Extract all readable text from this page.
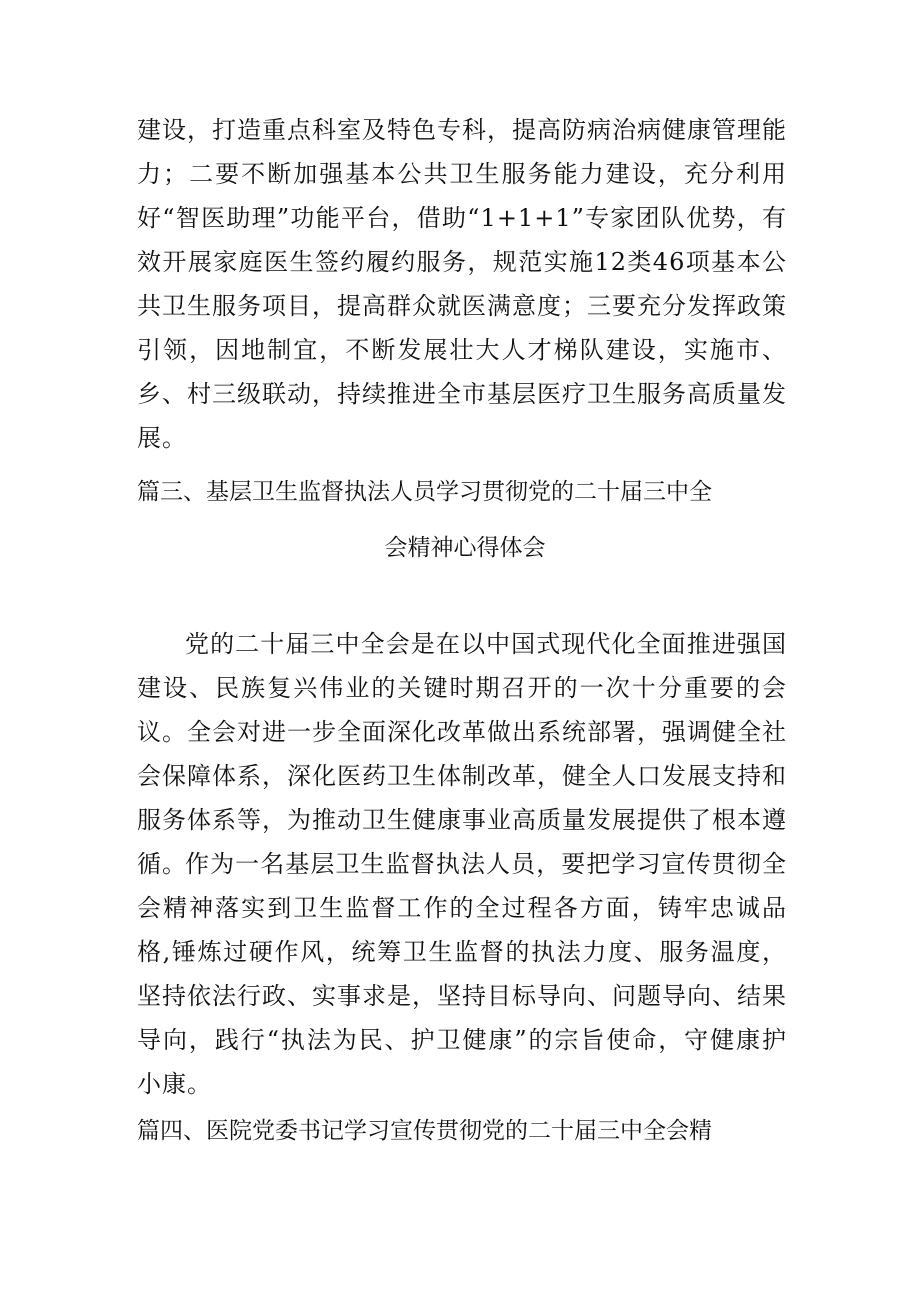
建设，打造重点科室及特色专科，提高防病治病健康管理能力；二要不断加强基本公共卫生服务能力建设，充分利用好“智医助理”功能平台，借助“1+1+1”专家团队优势，有效开展家庭医生签约履约服务，规范实施12类46项基本公共卫生服务项目，提高群众就医满意度；三要充分发挥政策引领，因地制宜，不断发展壮大人才梯队建设，实施市、乡、村三级联动，持续推进全市基层医疗卫生服务高质量发展。

篇三、基层卫生监督执法人员学习贯彻党的二十届三中全
会精神心得体会

党的二十届三中全会是在以中国式现代化全面推进强国建设、民族复兴伟业的关键时期召开的一次十分重要的会议。全会对进一步全面深化改革做出系统部署，强调健全社会保障体系，深化医药卫生体制改革，健全人口发展支持和服务体系等，为推动卫生健康事业高质量发展提供了根本遵循。

作为一名基层卫生监督执法人员，要把学习宣传贯彻全会精神落实到卫生监督工作的全过程各方面，铸牢忠诚品格,锤炼过硬作风，统筹卫生监督的执法力度、服务温度，坚持依法行政、实事求是，坚持目标导向、问题导向、结果导向，践行“执法为民、护卫健康”的宗旨使命，守健康护小康。

篇四、医院党委书记学习宣传贯彻党的二十届三中全会精
